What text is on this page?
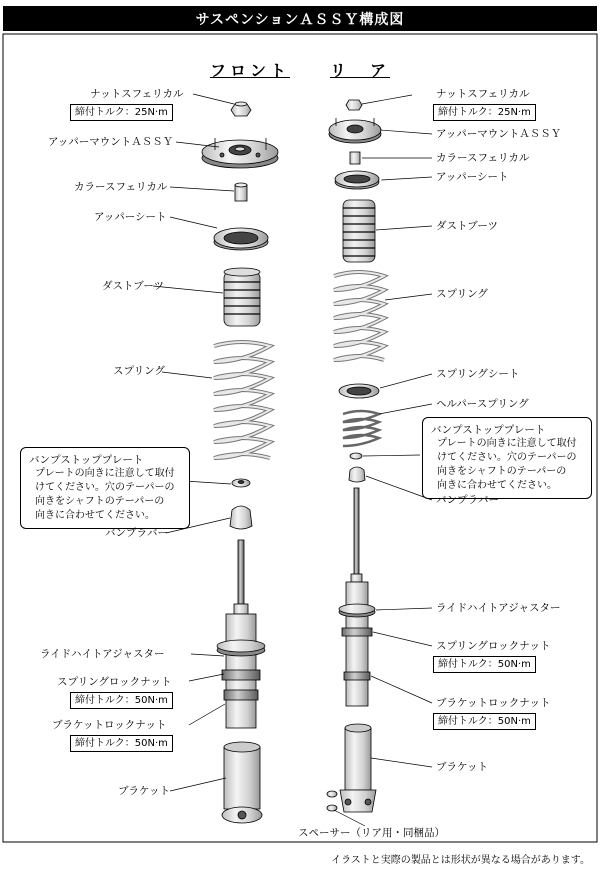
サスペンションＡＳＳＹ構成図
フロント リ　ア
ナットスフェリカル
締付トルク：25N·m
アッパーマウントＡＳＳＹ
カラースフェリカル
アッパーシート
ダストブーツ
スプリング
バンプストッププレート
プレートの向きに注意して取付
けてください。穴のテーパーの
向きをシャフトのテーパーの
向きに合わせてください。
バンプラバー
ライドハイトアジャスター
スプリングロックナット
締付トルク：50N·m
ブラケットロックナット
締付トルク：50N·m
ブラケット
ナットスフェリカル
締付トルク：25N·m
アッパーマウントＡＳＳＹ
カラースフェリカル
アッパーシート
ダストブーツ
スプリング
スプリングシート
ヘルパースプリング
バンプストッププレート
プレートの向きに注意して取付
けてください。穴のテーパーの
向きをシャフトのテーパーの
向きに合わせてください。
バンプラバー
ライドハイトアジャスター
スプリングロックナット
締付トルク：50N·m
ブラケットロックナット
締付トルク：50N·m
ブラケット
スペーサー（リア用・同梱品）
イラストと実際の製品とは形状が異なる場合があります。
